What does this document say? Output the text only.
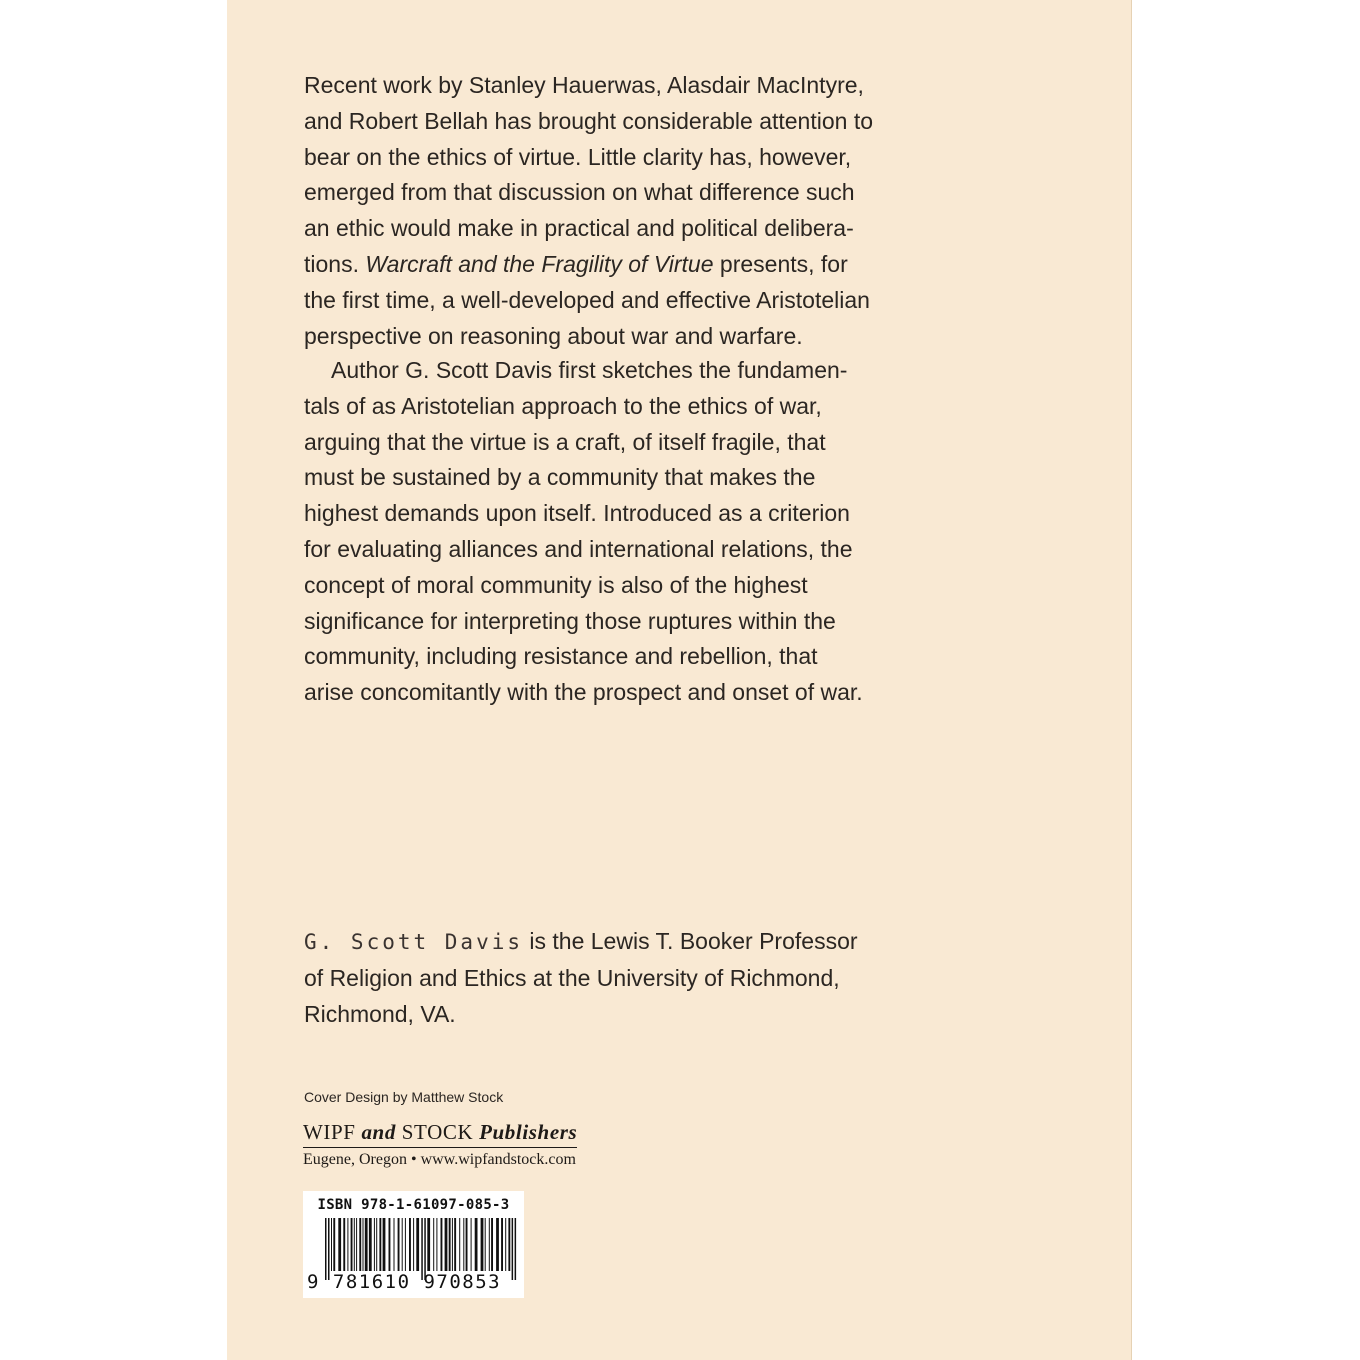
Recent work by Stanley Hauerwas, Alasdair MacIntyre,
and Robert Bellah has brought considerable attention to
bear on the ethics of virtue. Little clarity has, however,
emerged from that discussion on what difference such
an ethic would make in practical and political delibera-
tions. Warcraft and the Fragility of Virtue presents, for
the first time, a well-developed and effective Aristotelian
perspective on reasoning about war and warfare.
Author G. Scott Davis first sketches the fundamen-
tals of as Aristotelian approach to the ethics of war,
arguing that the virtue is a craft, of itself fragile, that
must be sustained by a community that makes the
highest demands upon itself. Introduced as a criterion
for evaluating alliances and international relations, the
concept of moral community is also of the highest
significance for interpreting those ruptures within the
community, including resistance and rebellion, that
arise concomitantly with the prospect and onset of war.
G. Scott Davis is the Lewis T. Booker Professor
of Religion and Ethics at the University of Richmond,
Richmond, VA.
Cover Design by Matthew Stock
WIPF and STOCK Publishers
Eugene, Oregon • www.wipfandstock.com
ISBN 978-1-61097-085-3
9 781610 970853
